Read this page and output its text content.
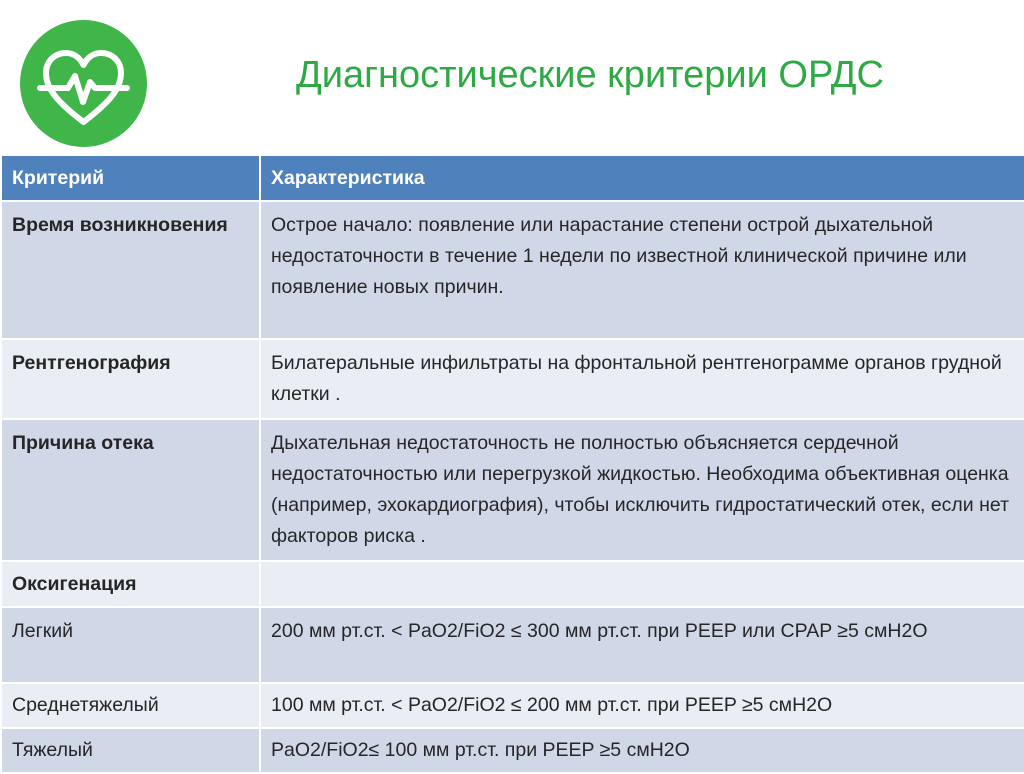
Диагностические критерии ОРДС
Критерий	Характеристика
Время возникновения	Острое начало: появление или нарастание степени острой дыхательной недостаточности в течение 1 недели по известной клинической причине или появление новых причин.
Рентгенография	Билатеральные инфильтраты на фронтальной рентгенограмме органов грудной клетки .
Причина отека	Дыхательная недостаточность не полностью объясняется сердечной недостаточностью или перегрузкой жидкостью. Необходима объективная оценка (например, эхокардиография), чтобы исключить гидростатический отек, если нет факторов риска .
Оксигенация	
Легкий	200 мм рт.ст. < PaO2/FiO2 ≤ 300 мм рт.ст. при PEEP или CPAP ≥5 смН2О
Среднетяжелый	100 мм рт.ст. < PaO2/FiO2 ≤ 200 мм рт.ст. при PEEP ≥5 смН2О
Тяжелый	PaO2/FiO2≤ 100 мм рт.ст. при PEEP ≥5 смН2О
